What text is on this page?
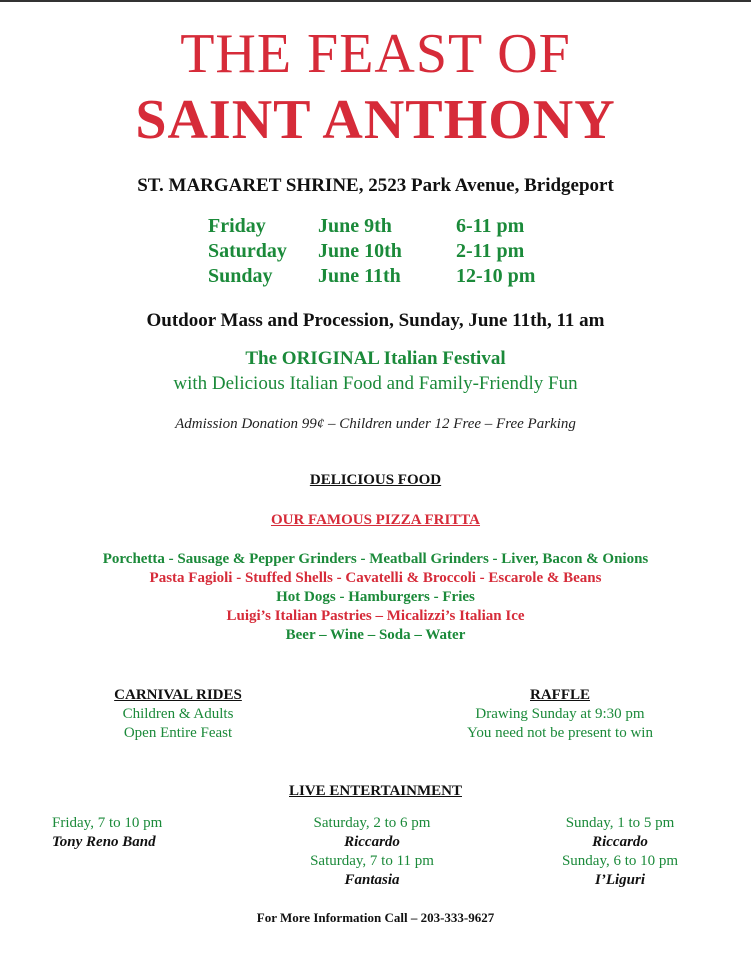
THE FEAST OF
SAINT ANTHONY
ST. MARGARET SHRINE, 2523 Park Avenue, Bridgeport
Friday	June 9th	6-11 pm
Saturday June 10th	2-11 pm
Sunday June 11th	12-10 pm
Outdoor Mass and Procession, Sunday, June 11th, 11 am
The ORIGINAL Italian Festival
with Delicious Italian Food and Family-Friendly Fun
Admission Donation 99¢ – Children under 12 Free – Free Parking
DELICIOUS FOOD
OUR FAMOUS PIZZA FRITTA
Porchetta - Sausage & Pepper Grinders - Meatball Grinders - Liver, Bacon & Onions
Pasta Fagioli - Stuffed Shells - Cavatelli & Broccoli - Escarole & Beans
Hot Dogs - Hamburgers - Fries
Luigi’s Italian Pastries – Micalizzi’s Italian Ice
Beer – Wine – Soda – Water
CARNIVAL RIDES
Children & Adults
Open Entire Feast
RAFFLE
Drawing Sunday at 9:30 pm
You need not be present to win
LIVE ENTERTAINMENT
Friday, 7 to 10 pm
Tony Reno Band
Saturday, 2 to 6 pm
Riccardo
Saturday, 7 to 11 pm
Fantasia
Sunday, 1 to 5 pm
Riccardo
Sunday, 6 to 10 pm
I’Liguri
For More Information Call – 203-333-9627
